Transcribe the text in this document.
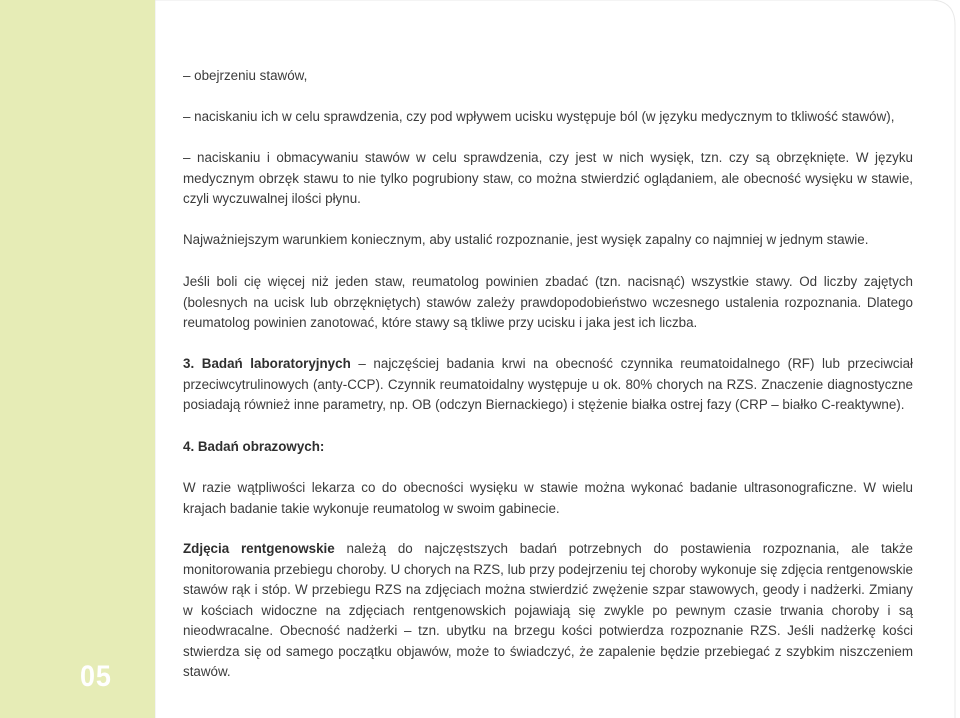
05

– obejrzeniu stawów,

– naciskaniu ich w celu sprawdzenia, czy pod wpływem ucisku występuje ból (w języku medycznym to tkliwość stawów),

– naciskaniu i obmacywaniu stawów w celu sprawdzenia, czy jest w nich wysięk, tzn. czy są obrzęknięte. W języku medycznym obrzęk stawu to nie tylko pogrubiony staw, co można stwierdzić oglądaniem, ale obecność wysięku w stawie, czyli wyczuwalnej ilości płynu.

Najważniejszym warunkiem koniecznym, aby ustalić rozpoznanie, jest wysięk zapalny co najmniej w jednym stawie.

Jeśli boli cię więcej niż jeden staw, reumatolog powinien zbadać (tzn. nacisnąć) wszystkie stawy. Od liczby zajętych (bolesnych na ucisk lub obrzękniętych) stawów zależy prawdopodobieństwo wczesnego ustalenia rozpoznania. Dlatego reumatolog powinien zanotować, które stawy są tkliwe przy ucisku i jaka jest ich liczba.

3. Badań laboratoryjnych – najczęściej badania krwi na obecność czynnika reumatoidalnego (RF) lub przeciwciał przeciwcytrulinowych (anty-CCP). Czynnik reumatoidalny występuje u ok. 80% chorych na RZS. Znaczenie diagnostyczne posiadają również inne parametry, np. OB (odczyn Biernackiego) i stężenie białka ostrej fazy (CRP – białko C-reaktywne).

4. Badań obrazowych:

W razie wątpliwości lekarza co do obecności wysięku w stawie można wykonać badanie ultrasonograficzne. W wielu krajach badanie takie wykonuje reumatolog w swoim gabinecie.

Zdjęcia rentgenowskie należą do najczęstszych badań potrzebnych do postawienia rozpoznania, ale także monitorowania przebiegu choroby. U chorych na RZS, lub przy podejrzeniu tej choroby wykonuje się zdjęcia rentgenowskie stawów rąk i stóp. W przebiegu RZS na zdjęciach można stwierdzić zwężenie szpar stawowych, geody i nadżerki. Zmiany w kościach widoczne na zdjęciach rentgenowskich pojawiają się zwykle po pewnym czasie trwania choroby i są nieodwracalne. Obecność nadżerki – tzn. ubytku na brzegu kości potwierdza rozpoznanie RZS. Jeśli nadżerkę kości stwierdza się od samego początku objawów, może to świadczyć, że zapalenie będzie przebiegać z szybkim niszczeniem stawów.
